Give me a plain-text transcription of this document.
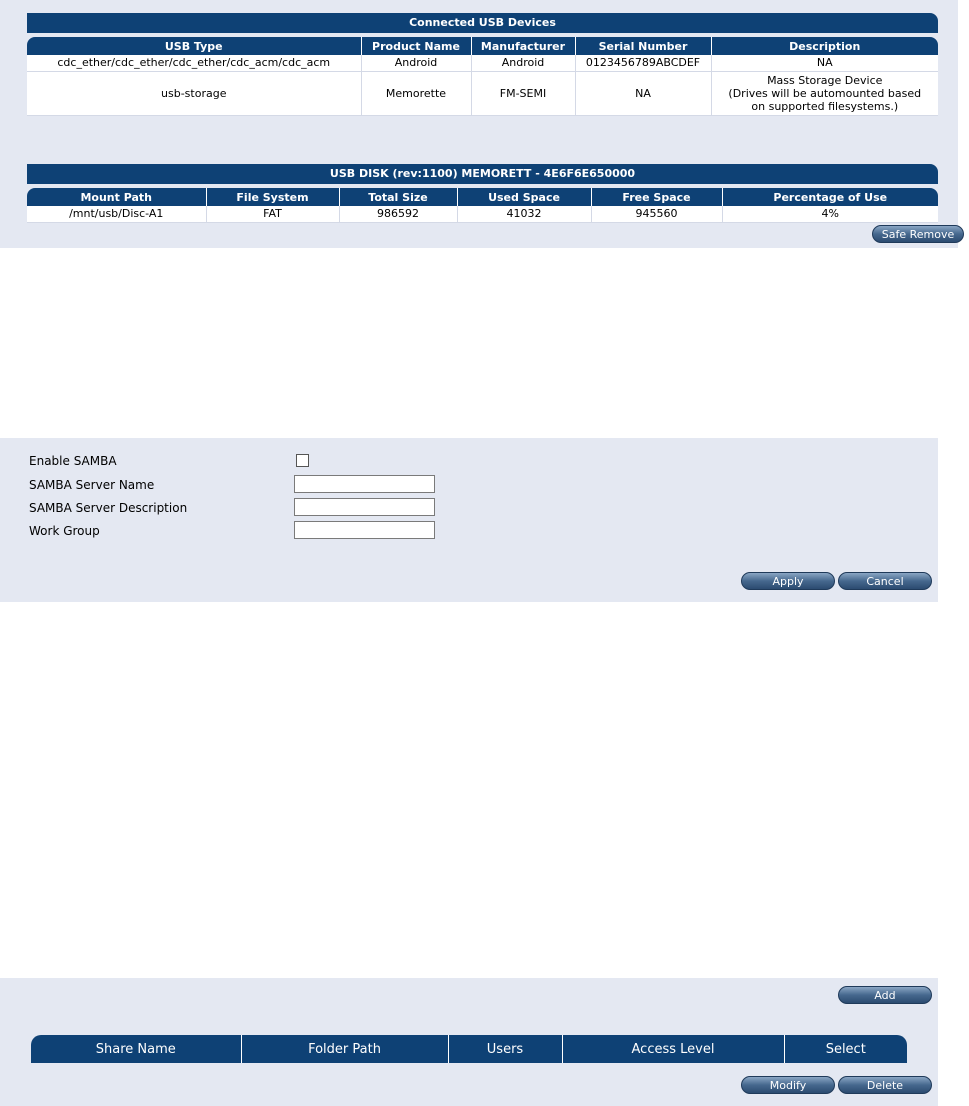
Connected USB Devices
USB Type	Product Name	Manufacturer	Serial Number	Description
cdc_ether/cdc_ether/cdc_ether/cdc_acm/cdc_acm	Android	Android	0123456789ABCDEF	NA
usb-storage	Memorette	FM-SEMI	NA	Mass Storage Device
(Drives will be automounted based
on supported filesystems.)
USB DISK (rev:1100) MEMORETT - 4E6F6E650000
Mount Path	File System	Total Size	Used Space	Free Space	Percentage of Use
/mnt/usb/Disc-A1	FAT	986592	41032	945560	4%
Safe Remove
Enable SAMBA
SAMBA Server Name
SAMBA Server Description
Work Group
Apply	Cancel
Add
Share Name	Folder Path	Users	Access Level	Select
Modify	Delete
